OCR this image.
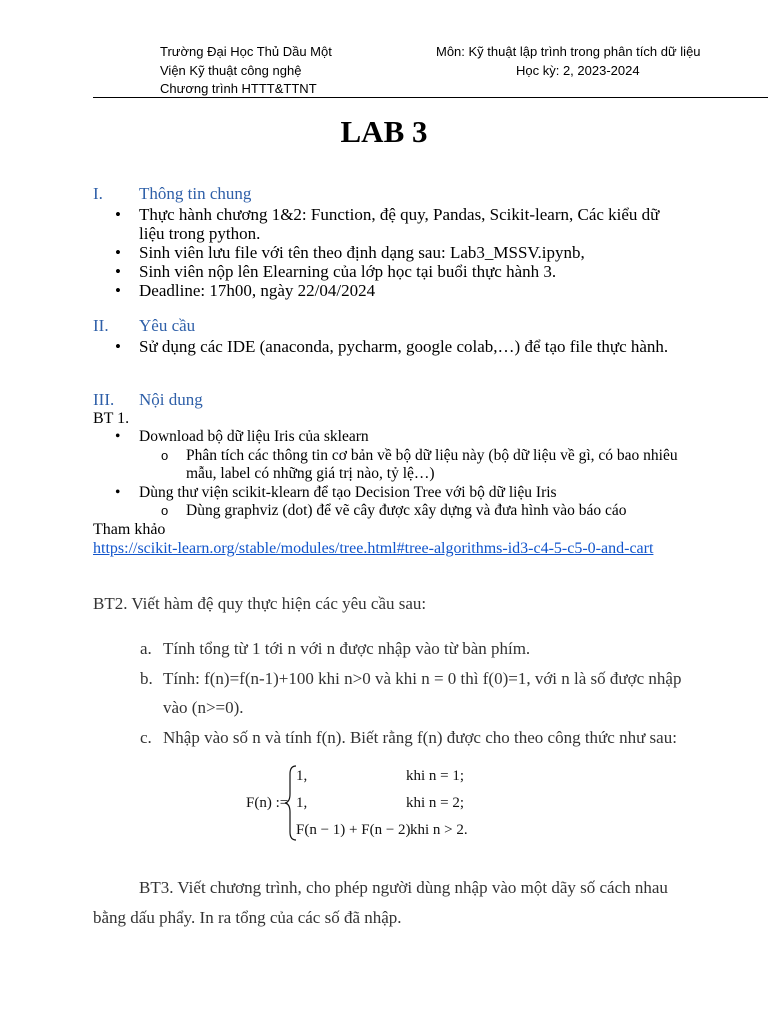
Trường Đại Học Thủ Dầu Một
Viện Kỹ thuật công nghệ
Chương trình HTTT&TTNT
Môn: Kỹ thuật lập trình trong phân tích dữ liệu
Học kỳ: 2, 2023-2024
LAB 3
I. Thông tin chung
• Thực hành chương 1&2: Function, đệ quy, Pandas, Scikit-learn, Các kiểu dữ liệu trong python.
• Sinh viên lưu file với tên theo định dạng sau: Lab3_MSSV.ipynb,
• Sinh viên nộp lên Elearning của lớp học tại buổi thực hành 3.
• Deadline: 17h00, ngày 22/04/2024
II. Yêu cầu
• Sử dụng các IDE (anaconda, pycharm, google colab,…) để tạo file thực hành.
III. Nội dung
BT 1.
• Download bộ dữ liệu Iris của sklearn
o Phân tích các thông tin cơ bản về bộ dữ liệu này (bộ dữ liệu về gì, có bao nhiêu mẫu, label có những giá trị nào, tỷ lệ…)
• Dùng thư viện scikit-klearn để tạo Decision Tree với bộ dữ liệu Iris
o Dùng graphviz (dot) để vẽ cây được xây dựng và đưa hình vào báo cáo
Tham khảo
https://scikit-learn.org/stable/modules/tree.html#tree-algorithms-id3-c4-5-c5-0-and-cart
BT2. Viết hàm đệ quy thực hiện các yêu cầu sau:
a. Tính tổng từ 1 tới n với n được nhập vào từ bàn phím.
b. Tính: f(n)=f(n-1)+100 khi n>0 và khi n = 0 thì f(0)=1, với n là số được nhập vào (n>=0).
c. Nhập vào số n và tính f(n). Biết rằng f(n) được cho theo công thức như sau:
F(n) :=
1,	khi n = 1;
1,	khi n = 2;
F(n − 1) + F(n − 2) khi n > 2.
BT3. Viết chương trình, cho phép người dùng nhập vào một dãy số cách nhau bằng dấu phẩy. In ra tổng của các số đã nhập.
